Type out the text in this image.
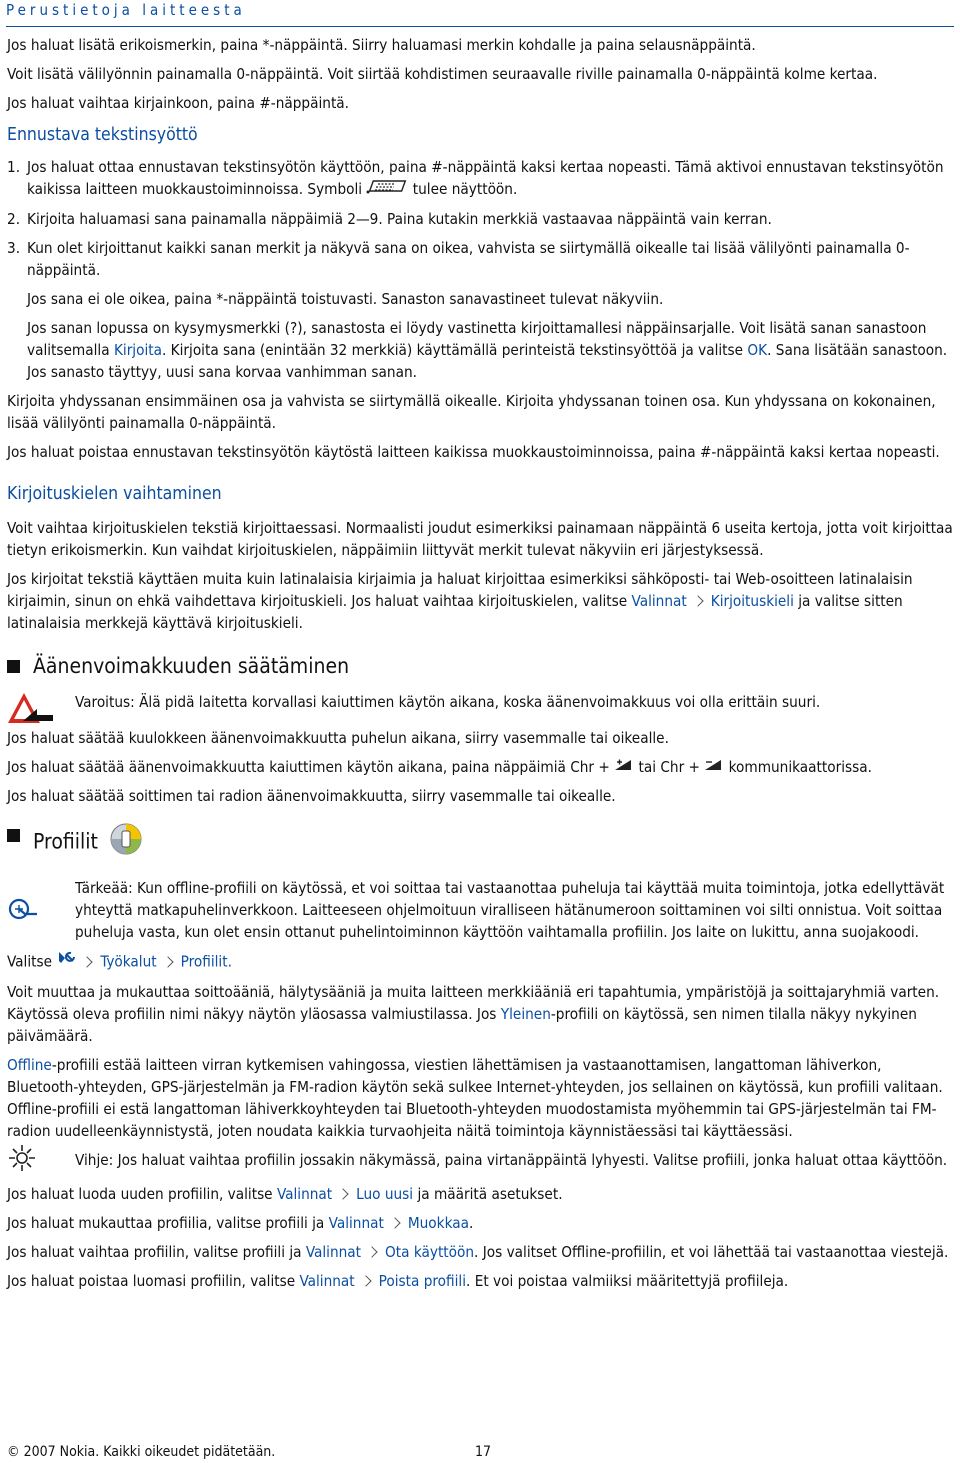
Perustietoja laitteesta

Jos haluat lisätä erikoismerkin, paina *-näppäintä. Siirry haluamasi merkin kohdalle ja paina selausnäppäintä.

Voit lisätä välilyönnin painamalla 0-näppäintä. Voit siirtää kohdistimen seuraavalle riville painamalla 0-näppäintä kolme kertaa.

Jos haluat vaihtaa kirjainkoon, paina #-näppäintä.

Ennustava tekstinsyöttö
1. Jos haluat ottaa ennustavan tekstinsyötön käyttöön, paina #-näppäintä kaksi kertaa nopeasti. Tämä aktivoi ennustavan tekstinsyötön kaikissa laitteen muokkaustoiminnoissa. Symboli	tulee näyttöön.
2. Kirjoita haluamasi sana painamalla näppäimiä 2—9. Paina kutakin merkkiä vastaavaa näppäintä vain kerran.
3. Kun olet kirjoittanut kaikki sanan merkit ja näkyvä sana on oikea, vahvista se siirtymällä oikealle tai lisää välilyönti painamalla 0-näppäintä.

Jos sana ei ole oikea, paina *-näppäintä toistuvasti. Sanaston sanavastineet tulevat näkyviin.

Jos sanan lopussa on kysymysmerkki (?), sanastosta ei löydy vastinetta kirjoittamallesi näppäinsarjalle. Voit lisätä sanan sanastoon valitsemalla Kirjoita. Kirjoita sana (enintään 32 merkkiä) käyttämällä perinteistä tekstinsyöttöä ja valitse OK. Sana lisätään sanastoon. Jos sanasto täyttyy, uusi sana korvaa vanhimman sanan.

Kirjoita yhdyssanan ensimmäinen osa ja vahvista se siirtymällä oikealle. Kirjoita yhdyssanan toinen osa. Kun yhdyssana on kokonainen, lisää välilyönti painamalla 0-näppäintä.

Jos haluat poistaa ennustavan tekstinsyötön käytöstä laitteen kaikissa muokkaustoiminnoissa, paina #-näppäintä kaksi kertaa nopeasti.

Kirjoituskielen vaihtaminen

Voit vaihtaa kirjoituskielen tekstiä kirjoittaessasi. Normaalisti joudut esimerkiksi painamaan näppäintä 6 useita kertoja, jotta voit kirjoittaa tietyn erikoismerkin. Kun vaihdat kirjoituskielen, näppäimiin liittyvät merkit tulevat näkyviin eri järjestyksessä.

Jos kirjoitat tekstiä käyttäen muita kuin latinalaisia kirjaimia ja haluat kirjoittaa esimerkiksi sähköposti- tai Web-osoitteen latinalaisin kirjaimin, sinun on ehkä vaihdettava kirjoituskieli. Jos haluat vaihtaa kirjoituskielen, valitse Valinnat Kirjoituskieli ja valitse sitten latinalaisia merkkejä käyttävä kirjoituskieli.

Äänenvoimakkuuden säätäminen
Varoitus: Älä pidä laitetta korvallasi kaiuttimen käytön aikana, koska äänenvoimakkuus voi olla erittäin suuri.

Jos haluat säätää kuulokkeen äänenvoimakkuutta puhelun aikana, siirry vasemmalle tai oikealle.

Jos haluat säätää äänenvoimakkuutta kaiuttimen käytön aikana, paina näppäimiä Chr + tai Chr + kommunikaattorissa.

Jos haluat säätää soittimen tai radion äänenvoimakkuutta, siirry vasemmalle tai oikealle.

Profiilit
Tärkeää: Kun offline-profiili on käytössä, et voi soittaa tai vastaanottaa puheluja tai käyttää muita toimintoja, jotka edellyttävät yhteyttä matkapuhelinverkkoon. Laitteeseen ohjelmoituun viralliseen hätänumeroon soittaminen voi silti onnistua. Voit soittaa puheluja vasta, kun olet ensin ottanut puhelintoiminnon käyttöön vaihtamalla profiilin. Jos laite on lukittu, anna suojakoodi.

Valitse	Työkalut Profiilit.

Voit muuttaa ja mukauttaa soittoääniä, hälytysääniä ja muita laitteen merkkiääniä eri tapahtumia, ympäristöjä ja soittajaryhmiä varten. Käytössä oleva profiilin nimi näkyy näytön yläosassa valmiustilassa. Jos Yleinen-profiili on käytössä, sen nimen tilalla näkyy nykyinen päivämäärä.

Offline-profiili estää laitteen virran kytkemisen vahingossa, viestien lähettämisen ja vastaanottamisen, langattoman lähiverkon, Bluetooth-yhteyden, GPS-järjestelmän ja FM-radion käytön sekä sulkee Internet-yhteyden, jos sellainen on käytössä, kun profiili valitaan. Offline-profiili ei estä langattoman lähiverkkoyhteyden tai Bluetooth-yhteyden muodostamista myöhemmin tai GPS-järjestelmän tai FM-radion uudelleenkäynnistystä, joten noudata kaikkia turvaohjeita näitä toimintoja käynnistäessäsi tai käyttäessäsi.

Vihje: Jos haluat vaihtaa profiilin jossakin näkymässä, paina virtanäppäintä lyhyesti. Valitse profiili, jonka haluat ottaa käyttöön.

Jos haluat luoda uuden profiilin, valitse Valinnat Luo uusi ja määritä asetukset.

Jos haluat mukauttaa profiilia, valitse profiili ja Valinnat Muokkaa.

Jos haluat vaihtaa profiilin, valitse profiili ja Valinnat Ota käyttöön. Jos valitset Offline-profiilin, et voi lähettää tai vastaanottaa viestejä.

Jos haluat poistaa luomasi profiilin, valitse Valinnat Poista profiili. Et voi poistaa valmiiksi määritettyjä profiileja.

© 2007 Nokia. Kaikki oikeudet pidätetään.	17
